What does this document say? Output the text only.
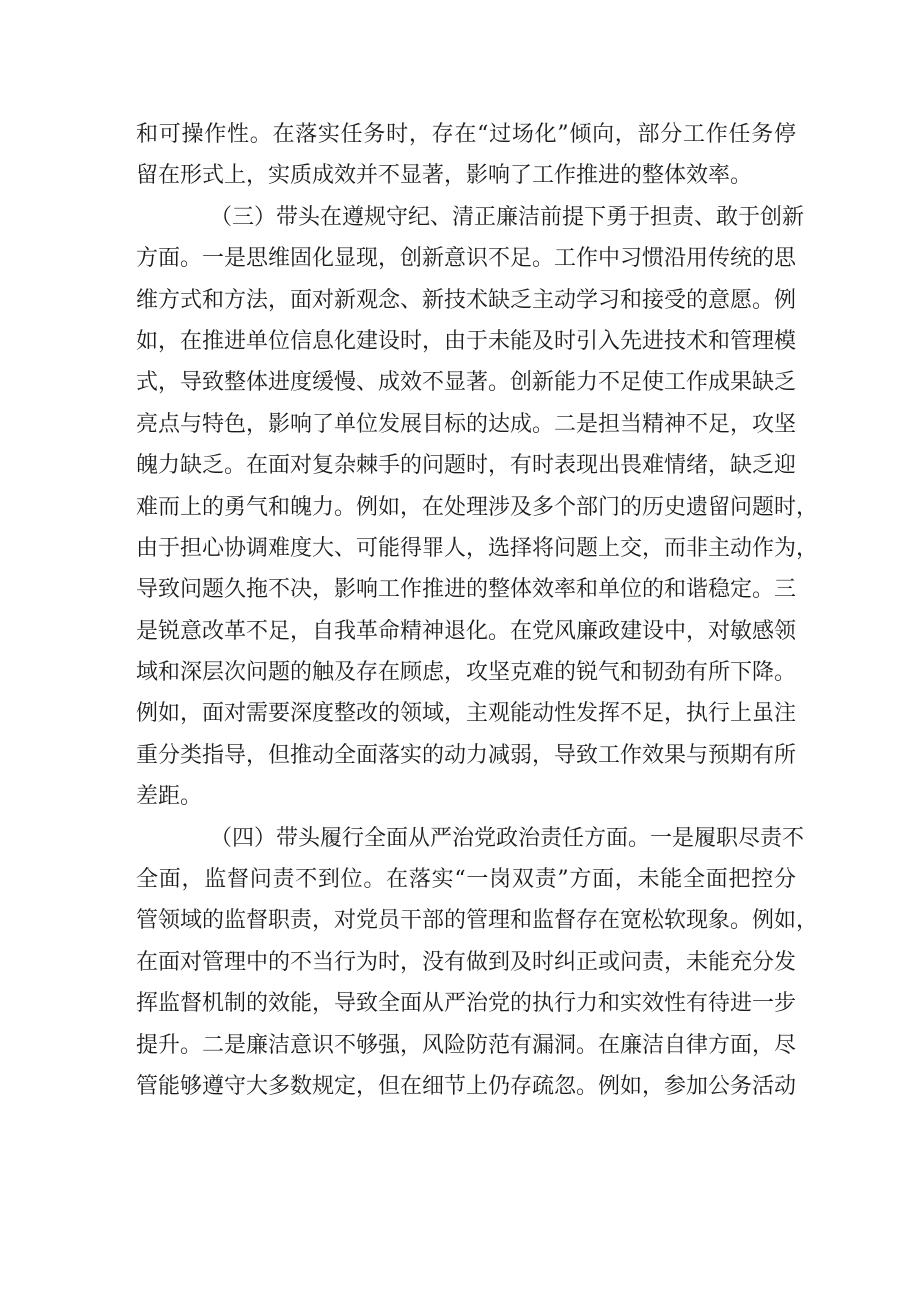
和可操作性。在落实任务时，存在“过场化”倾向，部分工作任务停
留在形式上，实质成效并不显著，影响了工作推进的整体效率。
（三）带头在遵规守纪、清正廉洁前提下勇于担责、敢于创新
方面。一是思维固化显现，创新意识不足。工作中习惯沿用传统的思
维方式和方法，面对新观念、新技术缺乏主动学习和接受的意愿。例
如，在推进单位信息化建设时，由于未能及时引入先进技术和管理模
式，导致整体进度缓慢、成效不显著。创新能力不足使工作成果缺乏
亮点与特色，影响了单位发展目标的达成。二是担当精神不足，攻坚
魄力缺乏。在面对复杂棘手的问题时，有时表现出畏难情绪，缺乏迎
难而上的勇气和魄力。例如，在处理涉及多个部门的历史遗留问题时，
由于担心协调难度大、可能得罪人，选择将问题上交，而非主动作为，
导致问题久拖不决，影响工作推进的整体效率和单位的和谐稳定。三
是锐意改革不足，自我革命精神退化。在党风廉政建设中，对敏感领
域和深层次问题的触及存在顾虑，攻坚克难的锐气和韧劲有所下降。
例如，面对需要深度整改的领域，主观能动性发挥不足，执行上虽注
重分类指导，但推动全面落实的动力减弱，导致工作效果与预期有所
差距。
（四）带头履行全面从严治党政治责任方面。一是履职尽责不
全面，监督问责不到位。在落实“一岗双责”方面，未能全面把控分
管领域的监督职责，对党员干部的管理和监督存在宽松软现象。例如，
在面对管理中的不当行为时，没有做到及时纠正或问责，未能充分发
挥监督机制的效能，导致全面从严治党的执行力和实效性有待进一步
提升。二是廉洁意识不够强，风险防范有漏洞。在廉洁自律方面，尽
管能够遵守大多数规定，但在细节上仍存疏忽。例如，参加公务活动
